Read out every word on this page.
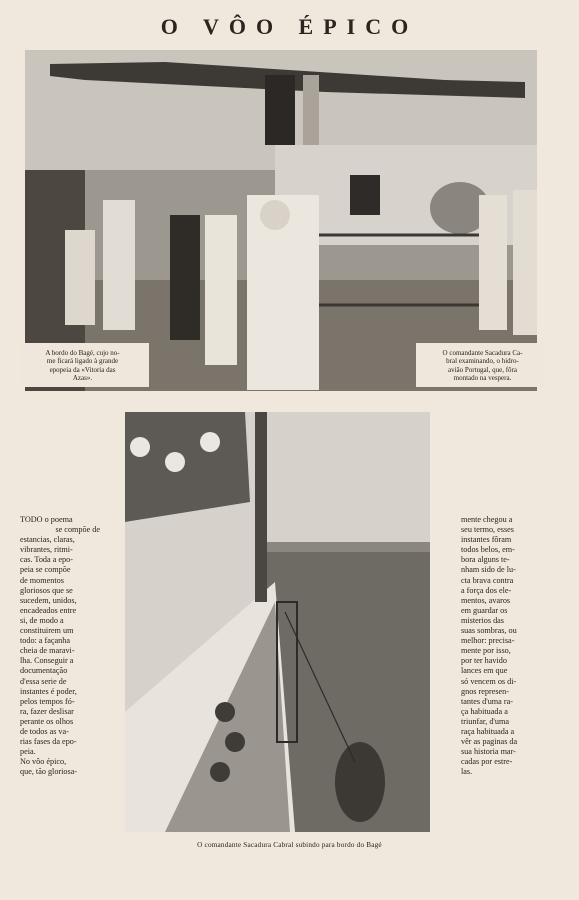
O VÔO ÉPICO
A bordo do Bagé, cujo no-
me ficará ligado à grande
epopeia da «Vitoria das
Azas».
O comandante Sacadura Ca-
bral examinando, o hidro-
avião Portugal, que, fôra
montado na vespera.
TODO o poema
se compõe de
estancias, claras,
vibrantes, ritmi-
cas. Toda a epo-
peia se compõe
de momentos
gloriosos que se
sucedem, unidos,
encadeados entre
si, de modo a
constituirem um
todo: a façanha
cheia de maravi-
lha. Conseguir a
documentação
d'essa serie de
instantes é poder,
pelos tempos fó-
ra, fazer deslisar
perante os olhos
de todos as va-
rias fases da epo-
peia.
No vôo épico,
que, tão gloriosa-
mente chegou a
seu termo, esses
instantes fôram
todos belos, em-
bora alguns te-
nham sido de lu-
cta brava contra
a força dos ele-
mentos, avaros
em guardar os
misterios das
suas sombras, ou
melhor: precisa-
mente por isso,
por ter havido
lances em que
só vencem os di-
gnos represen-
tantes d'uma ra-
ça habituada a
triunfar, d'uma
raça habituada a
vêr as paginas da
sua historia mar-
cadas por estre-
las.
O comandante Sacadura Cabral subindo para bordo do Bagé
